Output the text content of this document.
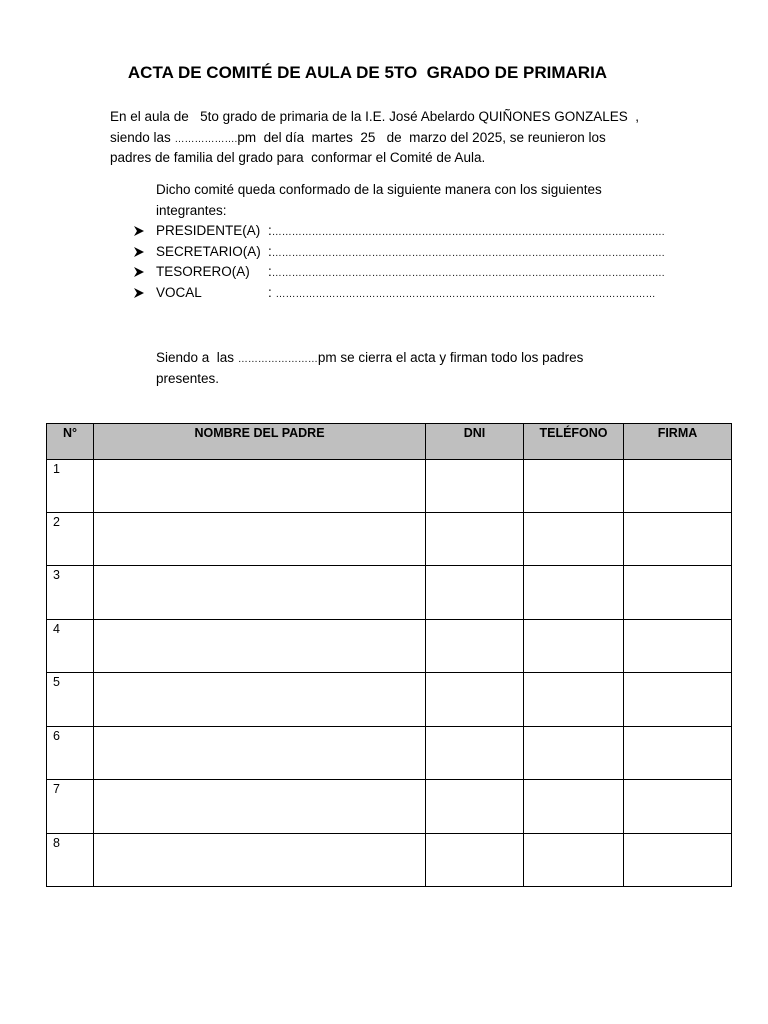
ACTA DE COMITÉ DE AULA DE 5TO  GRADO DE PRIMARIA
En el aula de   5to grado de primaria de la I.E. José Abelardo QUIÑONES GONZALES  ,
siendo las ……………….pm  del día  martes  25   de  marzo del 2025, se reunieron los
padres de familia del grado para  conformar el Comité de Aula.
Dicho comité queda conformado de la siguiente manera con los siguientes
integrantes:
PRESIDENTE(A) :……………………………………………………………………………………………………….
SECRETARIO(A) :……………………………………………………………………………………………………….
TESORERO(A) :……………………………………………………………………………………………………….
VOCAL	: ……………………………………………………………………………………………………
Siendo a  las ……………………pm se cierra el acta y firman todo los padres
presentes.
N°	NOMBRE DEL PADRE	DNI	TELÉFONO	FIRMA
1				
2				
3				
4				
5				
6				
7				
8				
